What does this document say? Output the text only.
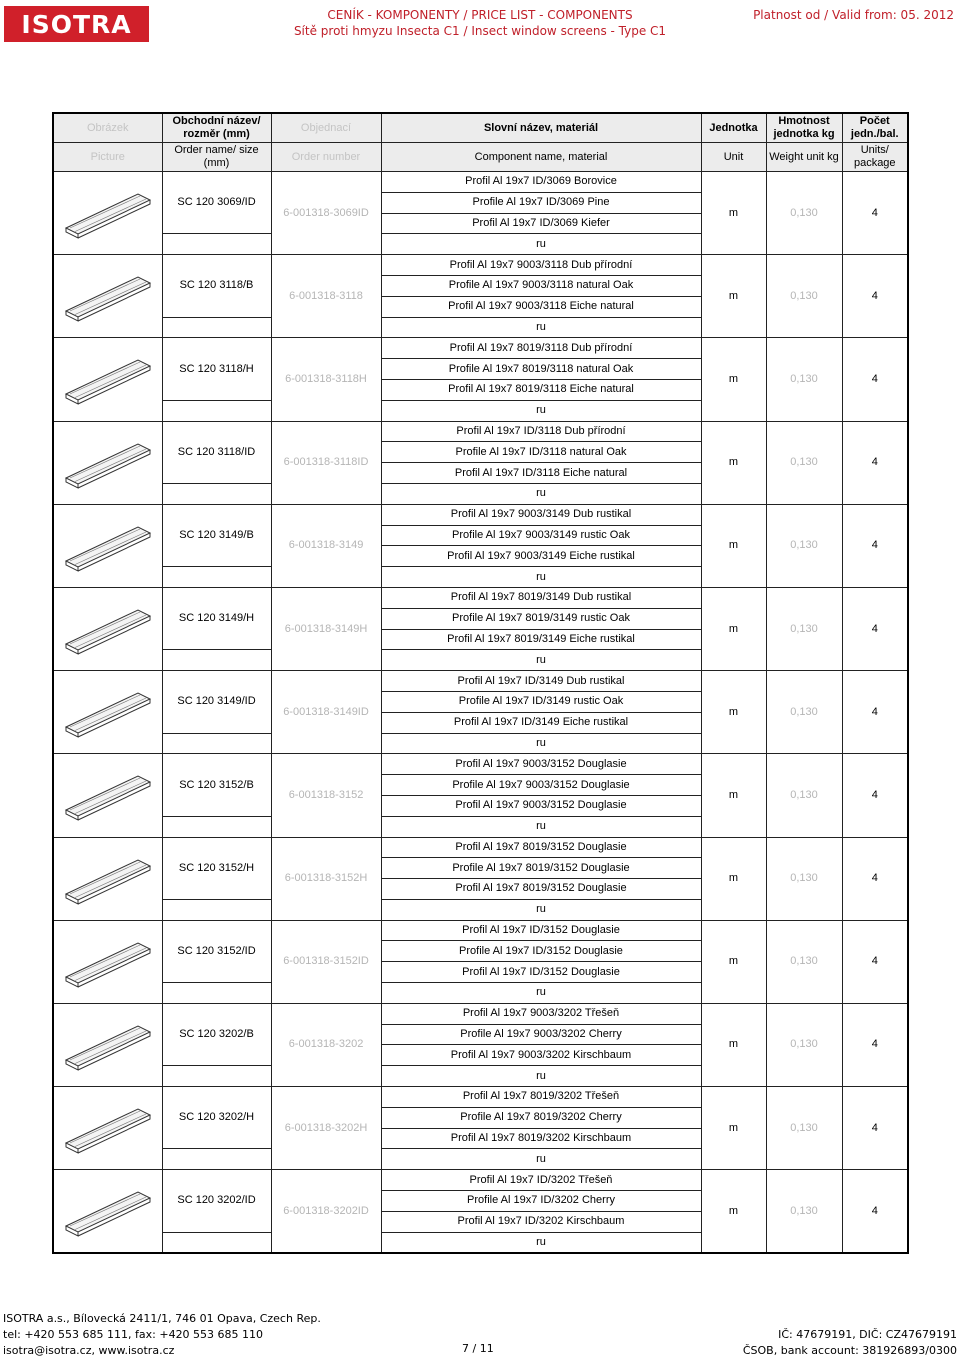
ISOTRA	CENÍK - KOMPONENTY / PRICE LIST - COMPONENTS
Sítě proti hmyzu Insecta C1 / Insect window screens - Type C1
Platnost od / Valid from: 05. 2012
Obrázek	Obchodní název/ rozměr (mm)	Objednací	Slovní název, materiál	Jednotka	Hmotnost jednotka kg	Počet jedn./bal.
Picture	Order name/ size (mm)	Order number	Component name, material	Unit	Weight unit kg	Units/ package

	SC 120 3069/ID	6-001318-3069ID	Profil Al 19x7 ID/3069 Borovice	m	0,130	4
			Profile Al 19x7 ID/3069 Pine			
			Profil Al 19x7 ID/3069 Kiefer			
			ru			

	SC 120 3118/B	6-001318-3118	Profil Al 19x7 9003/3118 Dub přírodní	m	0,130	4
			Profile Al 19x7 9003/3118 natural Oak			
			Profil Al 19x7 9003/3118 Eiche natural			
			ru			

	SC 120 3118/H	6-001318-3118H	Profil Al 19x7 8019/3118 Dub přírodní	m	0,130	4
			Profile Al 19x7 8019/3118 natural Oak			
			Profil Al 19x7 8019/3118 Eiche natural			
			ru			

	SC 120 3118/ID	6-001318-3118ID	Profil Al 19x7 ID/3118 Dub přírodní	m	0,130	4
			Profile Al 19x7 ID/3118 natural Oak			
			Profil Al 19x7 ID/3118 Eiche natural			
			ru			

	SC 120 3149/B	6-001318-3149	Profil Al 19x7 9003/3149 Dub rustikal	m	0,130	4
			Profile Al 19x7 9003/3149 rustic Oak			
			Profil Al 19x7 9003/3149 Eiche rustikal			
			ru			

	SC 120 3149/H	6-001318-3149H	Profil Al 19x7 8019/3149 Dub rustikal	m	0,130	4
			Profile Al 19x7 8019/3149 rustic Oak			
			Profil Al 19x7 8019/3149 Eiche rustikal			
			ru			

	SC 120 3149/ID	6-001318-3149ID	Profil Al 19x7 ID/3149 Dub rustikal	m	0,130	4
			Profile Al 19x7 ID/3149 rustic Oak			
			Profil Al 19x7 ID/3149 Eiche rustikal			
			ru			

	SC 120 3152/B	6-001318-3152	Profil Al 19x7 9003/3152 Douglasie	m	0,130	4
			Profile Al 19x7 9003/3152 Douglasie			
			Profil Al 19x7 9003/3152 Douglasie			
			ru			

	SC 120 3152/H	6-001318-3152H	Profil Al 19x7 8019/3152 Douglasie	m	0,130	4
			Profile Al 19x7 8019/3152 Douglasie			
			Profil Al 19x7 8019/3152 Douglasie			
			ru			

	SC 120 3152/ID	6-001318-3152ID	Profil Al 19x7 ID/3152 Douglasie	m	0,130	4
			Profile Al 19x7 ID/3152 Douglasie			
			Profil Al 19x7 ID/3152 Douglasie			
			ru			

	SC 120 3202/B	6-001318-3202	Profil Al 19x7 9003/3202 Třešeň	m	0,130	4
			Profile Al 19x7 9003/3202 Cherry			
			Profil Al 19x7 9003/3202 Kirschbaum			
			ru			

	SC 120 3202/H	6-001318-3202H	Profil Al 19x7 8019/3202 Třešeň	m	0,130	4
			Profile Al 19x7 8019/3202 Cherry			
			Profil Al 19x7 8019/3202 Kirschbaum			
			ru			

	SC 120 3202/ID	6-001318-3202ID	Profil Al 19x7 ID/3202 Třešeň	m	0,130	4
			Profile Al 19x7 ID/3202 Cherry			
			Profil Al 19x7 ID/3202 Kirschbaum			
			ru			
ISOTRA a.s., Bílovecká 2411/1, 746 01 Opava, Czech Rep.
tel: +420 553 685 111, fax: +420 553 685 110
isotra@isotra.cz, www.isotra.cz	7 / 11
IČ: 47679191, DIČ: CZ47679191
ČSOB, bank account: 381926893/0300
